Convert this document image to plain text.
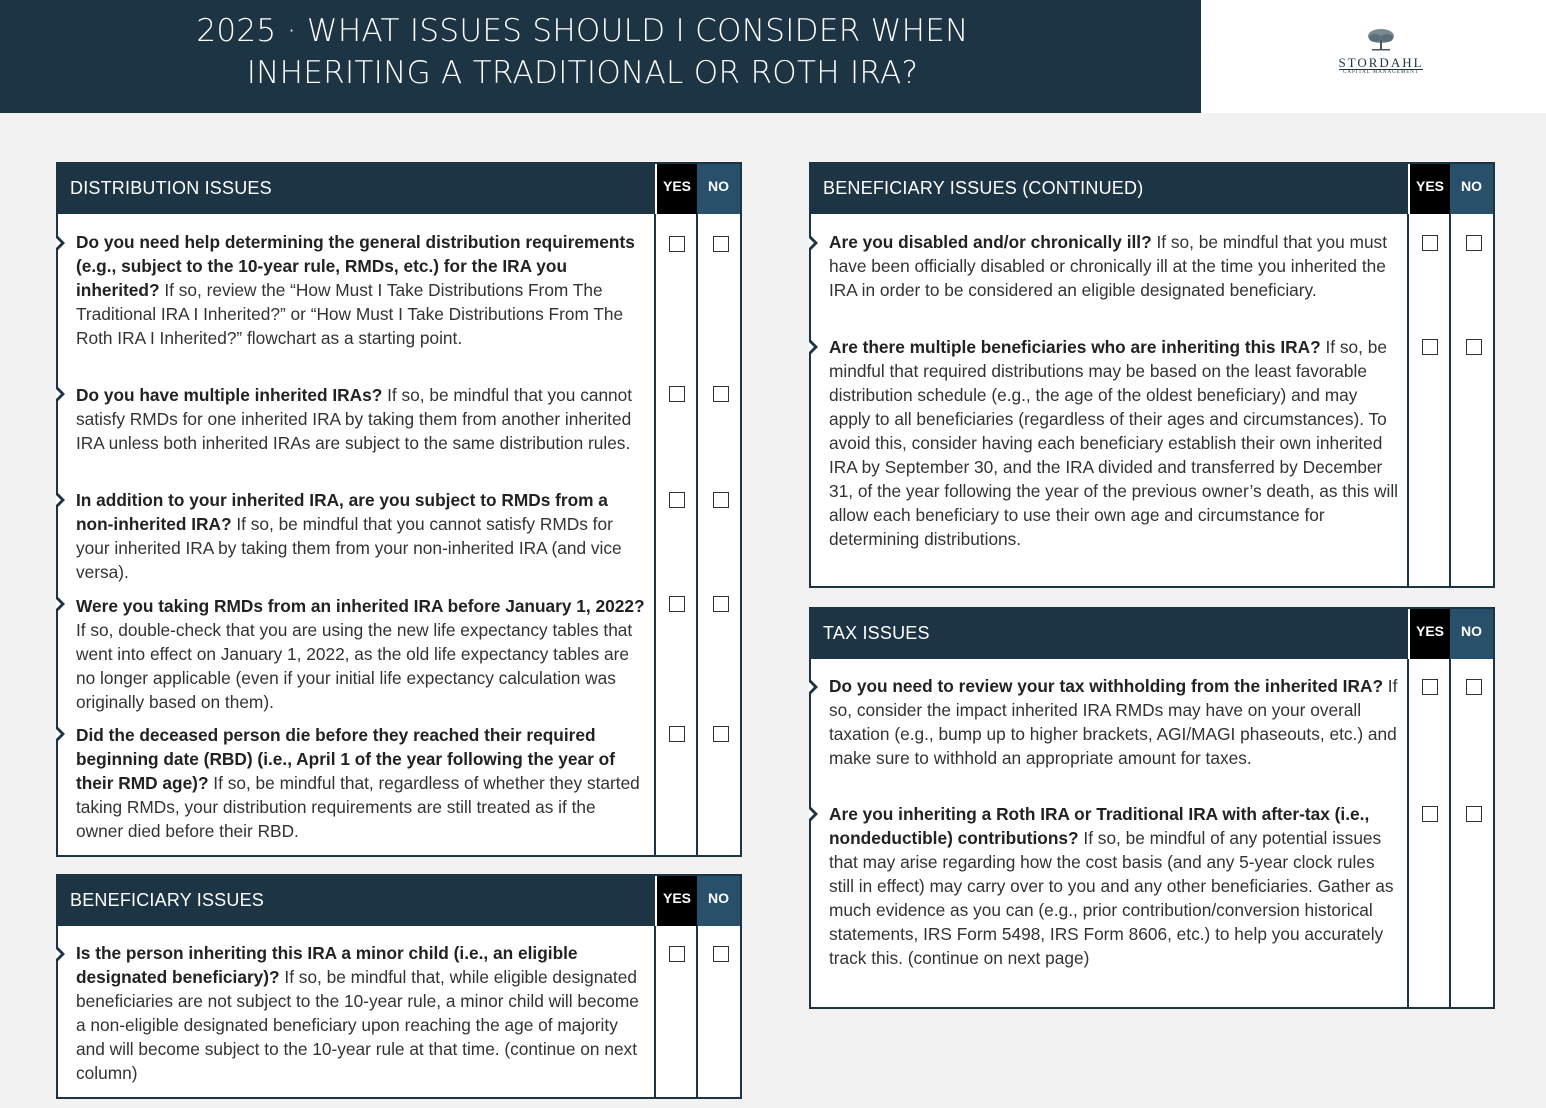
2025 · WHAT ISSUES SHOULD I CONSIDER WHEN
INHERITING A TRADITIONAL OR ROTH IRA?	STORDAHL
CAPITAL MANAGEMENT
DISTRIBUTION ISSUES	YES	NO
Do you need help determining the general distribution requirements (e.g., subject to the 10-year rule, RMDs, etc.) for the IRA you inherited? If so, review the “How Must I Take Distributions From The Traditional IRA I Inherited?” or “How Must I Take Distributions From The Roth IRA I Inherited?” flowchart as a starting point.
Do you have multiple inherited IRAs? If so, be mindful that you cannot satisfy RMDs for one inherited IRA by taking them from another inherited IRA unless both inherited IRAs are subject to the same distribution rules.
In addition to your inherited IRA, are you subject to RMDs from a non-inherited IRA? If so, be mindful that you cannot satisfy RMDs for your inherited IRA by taking them from your non-inherited IRA (and vice versa).
Were you taking RMDs from an inherited IRA before January 1, 2022? If so, double-check that you are using the new life expectancy tables that went into effect on January 1, 2022, as the old life expectancy tables are no longer applicable (even if your initial life expectancy calculation was originally based on them).
Did the deceased person die before they reached their required beginning date (RBD) (i.e., April 1 of the year following the year of their RMD age)? If so, be mindful that, regardless of whether they started taking RMDs, your distribution requirements are still treated as if the owner died before their RBD.
BENEFICIARY ISSUES	YES	NO
Is the person inheriting this IRA a minor child (i.e., an eligible designated beneficiary)? If so, be mindful that, while eligible designated beneficiaries are not subject to the 10-year rule, a minor child will become a non-eligible designated beneficiary upon reaching the age of majority and will become subject to the 10-year rule at that time. (continue on next column)
BENEFICIARY ISSUES (CONTINUED)	YES	NO
Are you disabled and/or chronically ill? If so, be mindful that you must have been officially disabled or chronically ill at the time you inherited the IRA in order to be considered an eligible designated beneficiary.
Are there multiple beneficiaries who are inheriting this IRA? If so, be mindful that required distributions may be based on the least favorable distribution schedule (e.g., the age of the oldest beneficiary) and may apply to all beneficiaries (regardless of their ages and circumstances). To avoid this, consider having each beneficiary establish their own inherited IRA by September 30, and the IRA divided and transferred by December 31, of the year following the year of the previous owner’s death, as this will allow each beneficiary to use their own age and circumstance for determining distributions.
TAX ISSUES	YES	NO
Do you need to review your tax withholding from the inherited IRA? If so, consider the impact inherited IRA RMDs may have on your overall taxation (e.g., bump up to higher brackets, AGI/MAGI phaseouts, etc.) and make sure to withhold an appropriate amount for taxes.
Are you inheriting a Roth IRA or Traditional IRA with after-tax (i.e., nondeductible) contributions? If so, be mindful of any potential issues that may arise regarding how the cost basis (and any 5-year clock rules still in effect) may carry over to you and any other beneficiaries. Gather as much evidence as you can (e.g., prior contribution/conversion historical statements, IRS Form 5498, IRS Form 8606, etc.) to help you accurately track this. (continue on next page)
